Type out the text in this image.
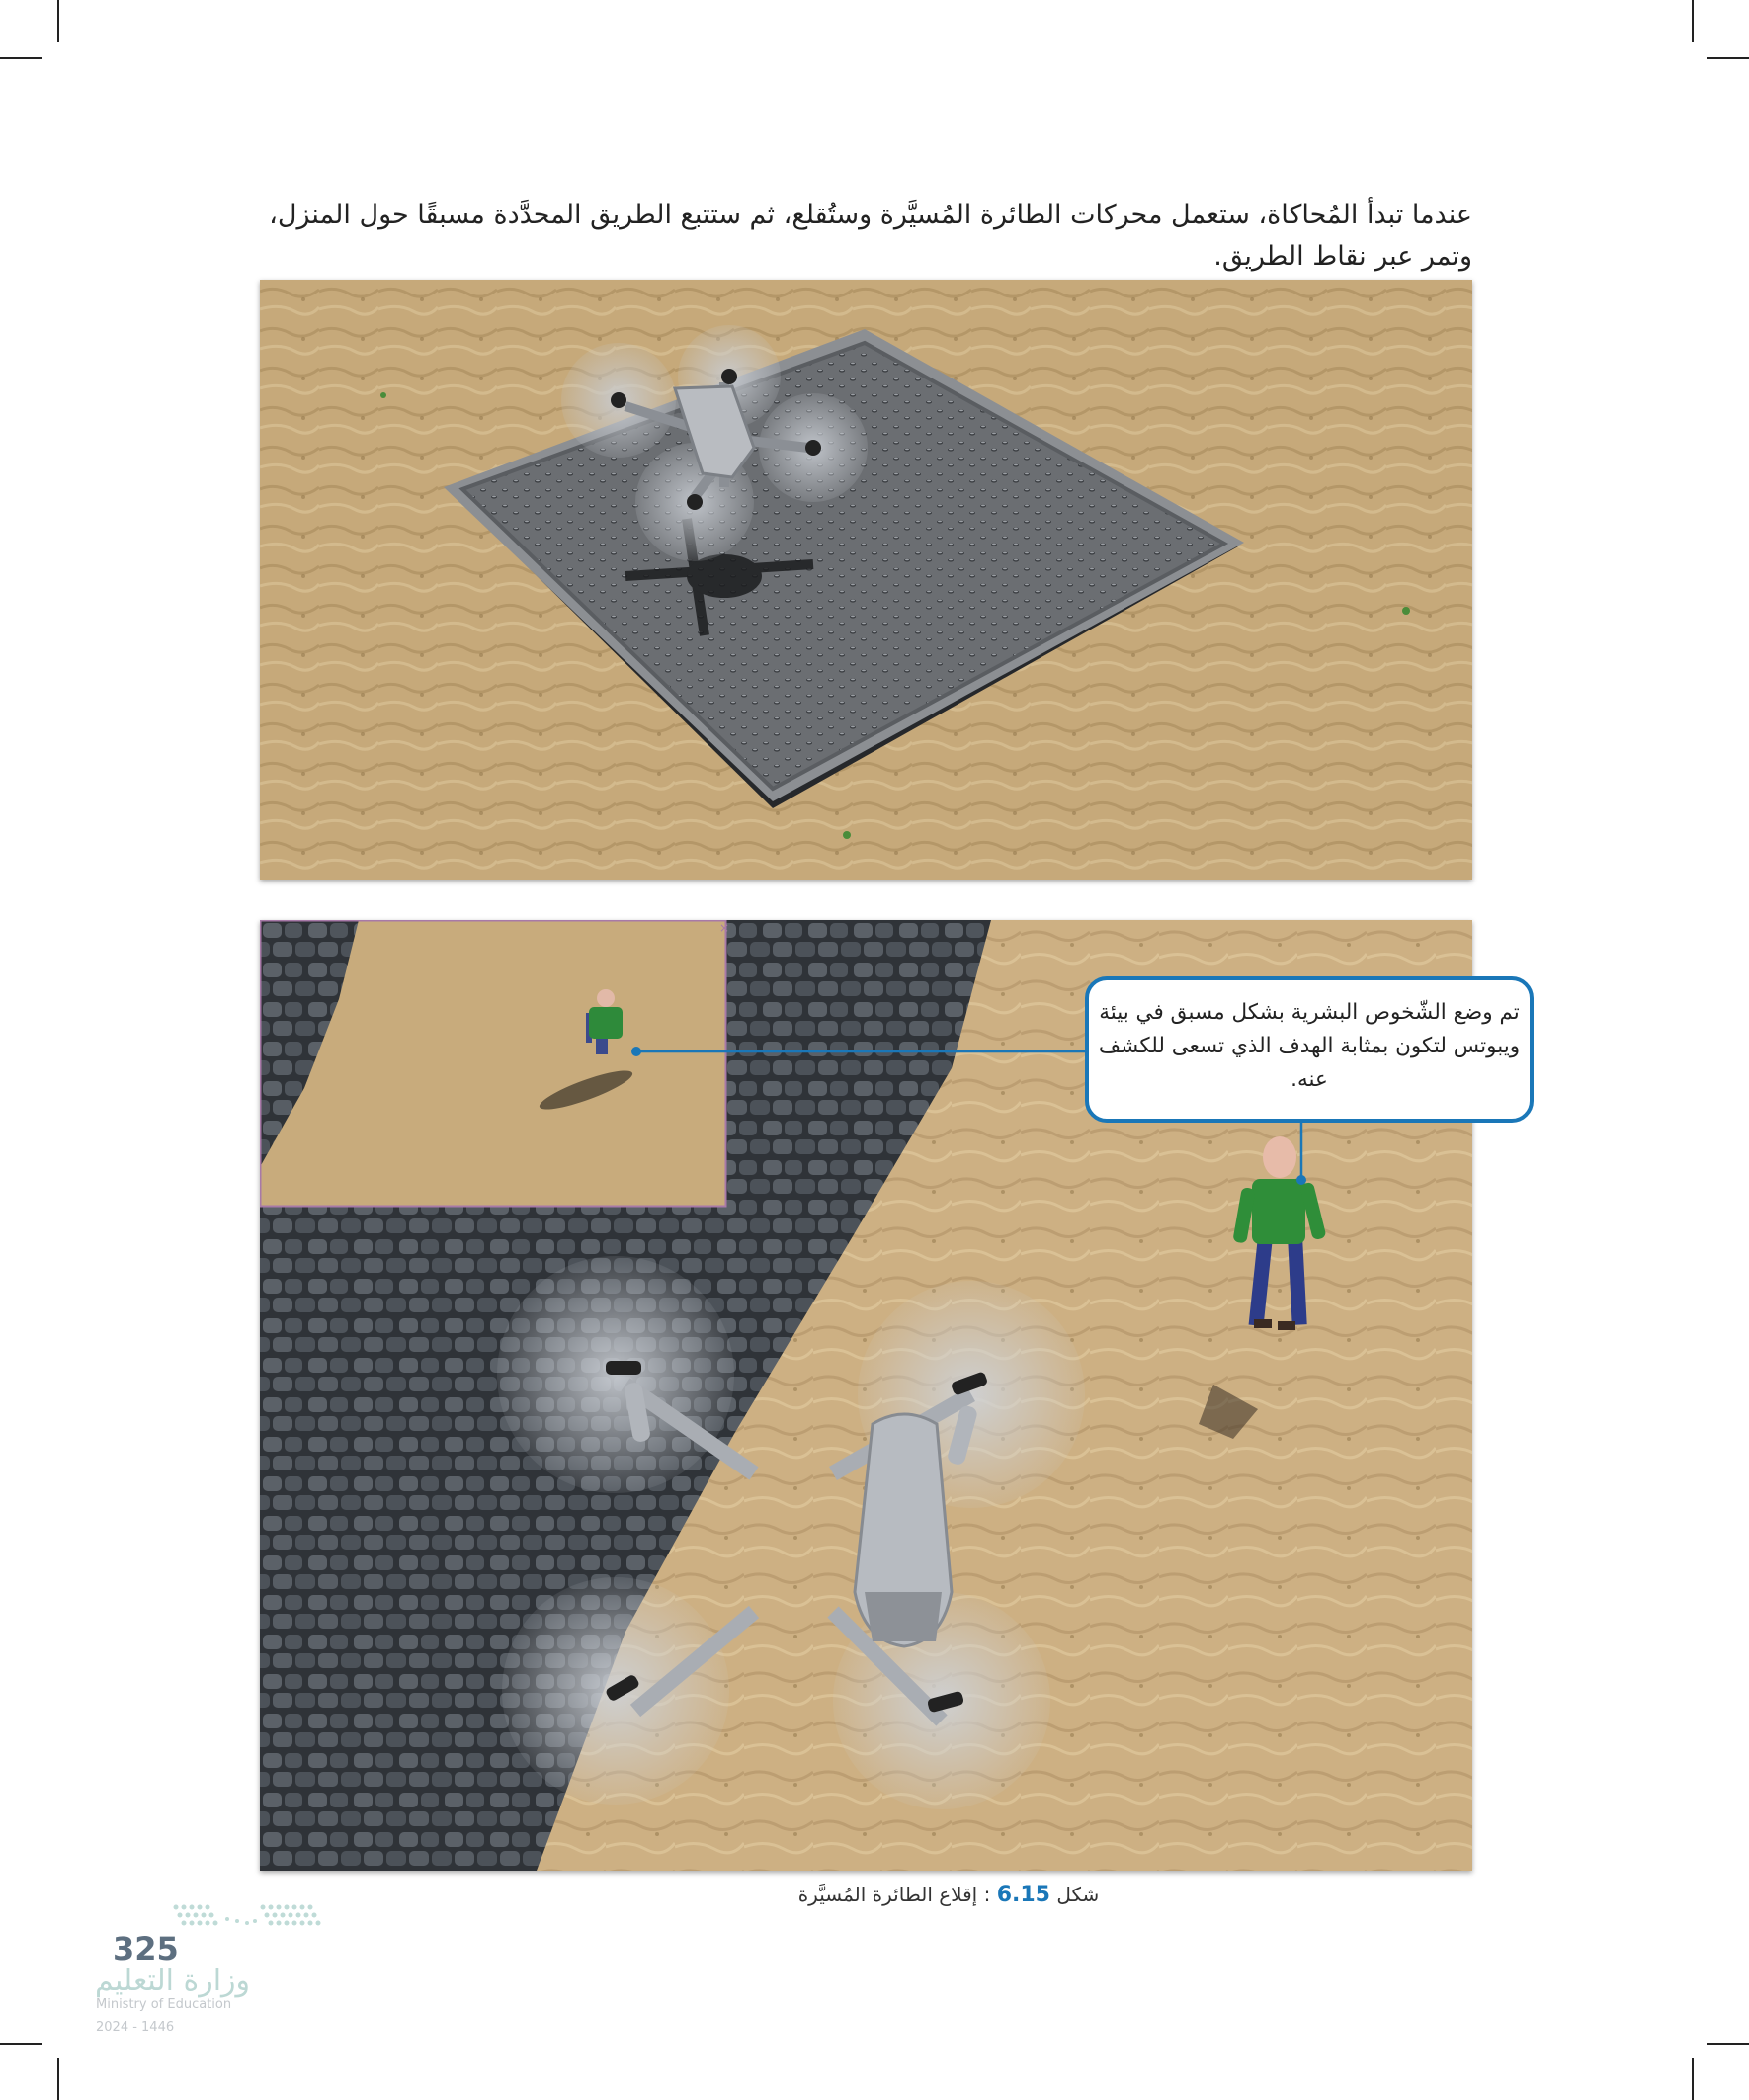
عندما تبدأ المُحاكاة، ستعمل محركات الطائرة المُسيَّرة وستُقلع، ثم ستتبع الطريق المحدَّدة مسبقًا حول المنزل، وتمر عبر نقاط الطريق.

×
تم وضع الشّخوص البشرية بشكل مسبق في بيئة ويبوتس لتكون بمثابة الهدف الذي تسعى للكشف عنه.
شكل 6.15 : إقلاع الطائرة المُسيَّرة
325
وزارة التعليم
Ministry of Education
2024 - 1446
